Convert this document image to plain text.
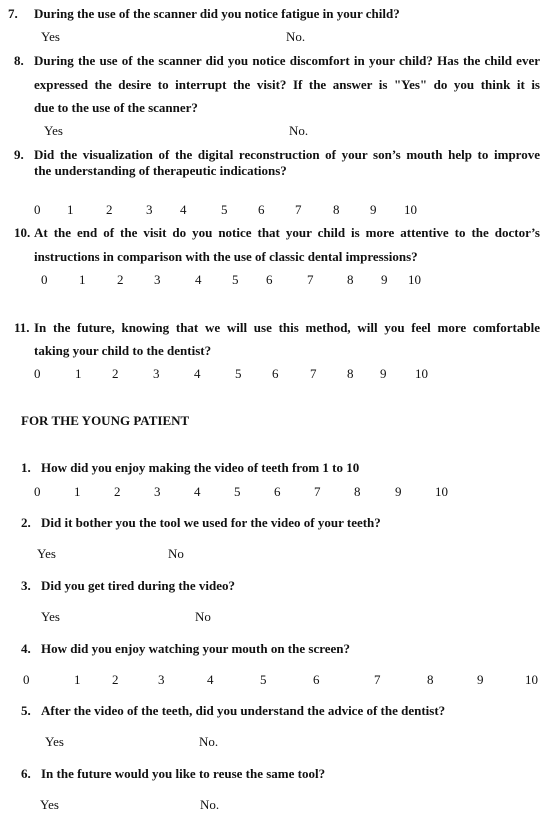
7. During the use of the scanner did you notice fatigue in your child?
Yes	No.
8. During the use of the scanner did you notice discomfort in your child? Has the child ever
expressed the desire to interrupt the visit? If the answer is "Yes" do you think it is
due to the use of the scanner?
Yes	No.
9. Did the visualization of the digital reconstruction of your son’s mouth help to improve
the understanding of therapeutic indications?
0 1	2	3 4	5 6 7 8 9 10
10. At the end of the visit do you notice that your child is more attentive to the doctor’s
instructions in comparison with the use of classic dental impressions?
0 1 2 3	4 5 6	7	8 9 10
11. In the future, knowing that we will use this method, will you feel more comfortable
taking your child to the dentist?
0	1 2	3	4	5 6 7 8 9 10
FOR THE YOUNG PATIENT
1. How did you enjoy making the video of teeth from 1 to 10
0	1	2	3	4	5	6	7	8	9	10
2. Did it bother you the tool we used for the video of your teeth?
Yes	No
3. Did you get tired during the video?
Yes	No
4. How did you enjoy watching your mouth on the screen?
0	1 2	3	4	5	6	7	8	9	10
5. After the video of the teeth, did you understand the advice of the dentist?
Yes	No.
6. In the future would you like to reuse the same tool?
Yes	No.
